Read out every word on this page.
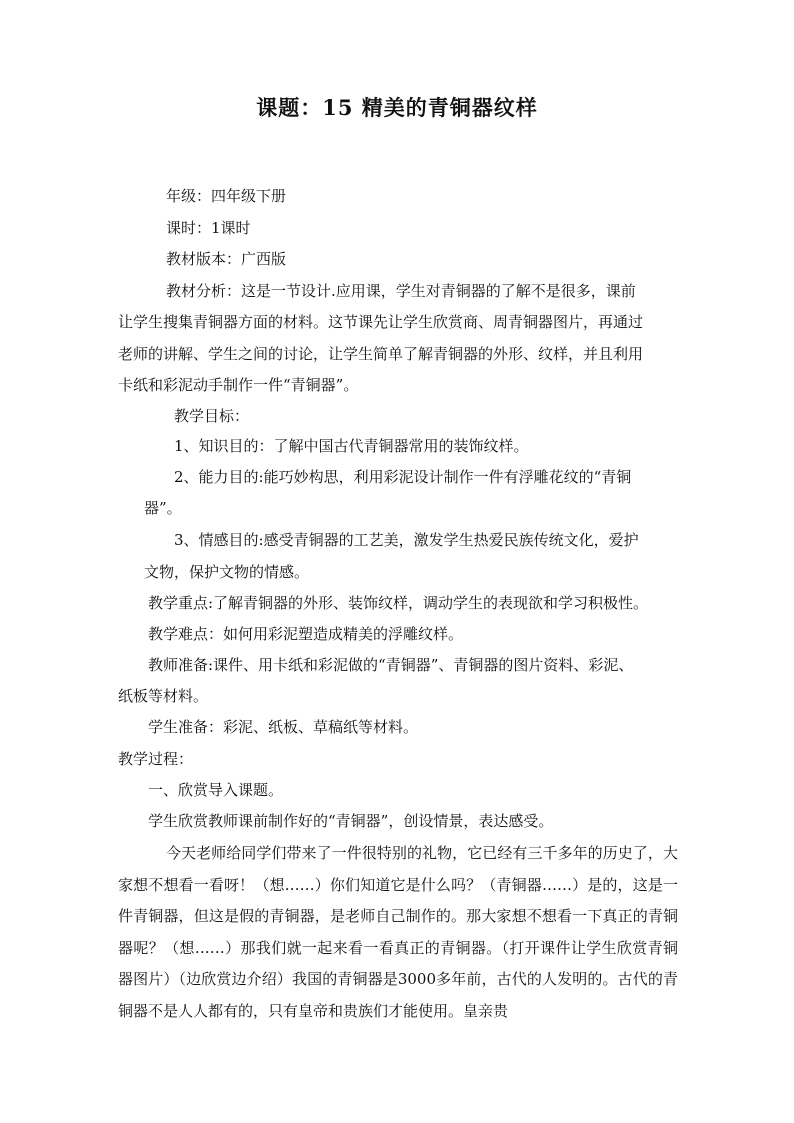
课题：15 精美的青铜器纹样

年级：四年级下册

课时：1课时

教材版本：广西版

教材分析：这是一节设计.应用课，学生对青铜器的了解不是很多，课前

让学生搜集青铜器方面的材料。这节课先让学生欣赏商、周青铜器图片，再通过

老师的讲解、学生之间的讨论，让学生简单了解青铜器的外形、纹样，并且利用

卡纸和彩泥动手制作一件“青铜器”。

教学目标：

1、知识目的：了解中国古代青铜器常用的装饰纹样。

2、能力目的:能巧妙构思，利用彩泥设计制作一件有浮雕花纹的“青铜

器”。

3、情感目的:感受青铜器的工艺美，激发学生热爱民族传统文化，爱护

文物，保护文物的情感。

教学重点:了解青铜器的外形、装饰纹样，调动学生的表现欲和学习积极性。

教学难点：如何用彩泥塑造成精美的浮雕纹样。

教师准备:课件、用卡纸和彩泥做的“青铜器”、青铜器的图片资料、彩泥、

纸板等材料。

学生准备：彩泥、纸板、草稿纸等材料。

教学过程：

一、欣赏导入课题。

学生欣赏教师课前制作好的“青铜器”，创设情景，表达感受。

今天老师给同学们带来了一件很特别的礼物，它已经有三千多年的历史了，大家想不想看一看呀！（想……）你们知道它是什么吗？（青铜器……）是的，这是一件青铜器，但这是假的青铜器，是老师自己制作的。那大家想不想看一下真正的青铜器呢？（想……）那我们就一起来看一看真正的青铜器。（打开课件让学生欣赏青铜器图片）（边欣赏边介绍）我国的青铜器是3000多年前，古代的人发明的。古代的青铜器不是人人都有的，只有皇帝和贵族们才能使用。皇亲贵
